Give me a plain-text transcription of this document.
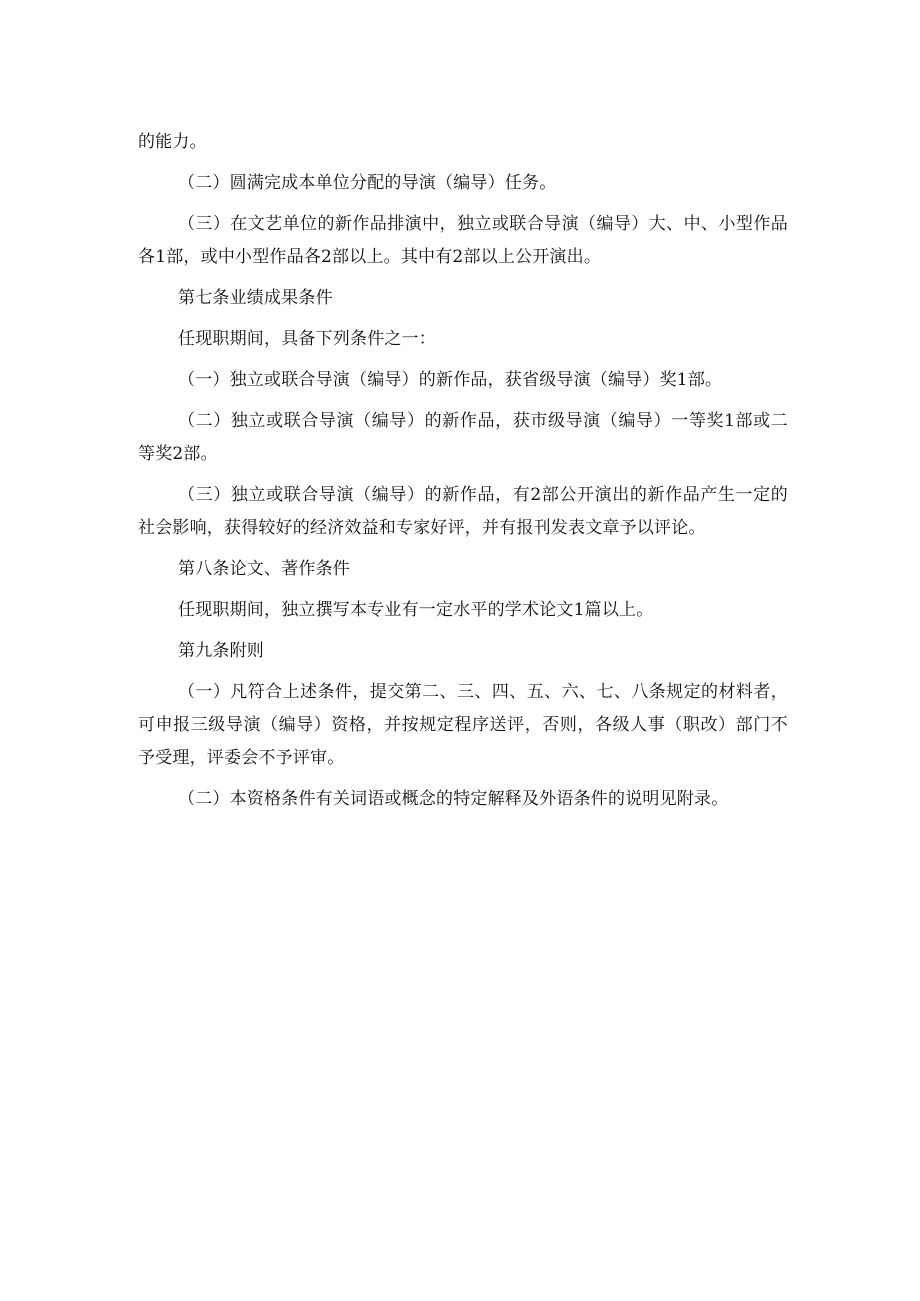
的能力。

（二）圆满完成本单位分配的导演（编导）任务。

（三）在文艺单位的新作品排演中，独立或联合导演（编导）大、中、小型作品各1部，或中小型作品各2部以上。其中有2部以上公开演出。

第七条业绩成果条件

任现职期间，具备下列条件之一：

（一）独立或联合导演（编导）的新作品，获省级导演（编导）奖1部。

（二）独立或联合导演（编导）的新作品，获市级导演（编导）一等奖1部或二等奖2部。

（三）独立或联合导演（编导）的新作品，有2部公开演出的新作品产生一定的社会影响，获得较好的经济效益和专家好评，并有报刊发表文章予以评论。

第八条论文、著作条件

任现职期间，独立撰写本专业有一定水平的学术论文1篇以上。

第九条附则

（一）凡符合上述条件，提交第二、三、四、五、六、七、八条规定的材料者，可申报三级导演（编导）资格，并按规定程序送评，否则，各级人事（职改）部门不予受理，评委会不予评审。

（二）本资格条件有关词语或概念的特定解释及外语条件的说明见附录。
